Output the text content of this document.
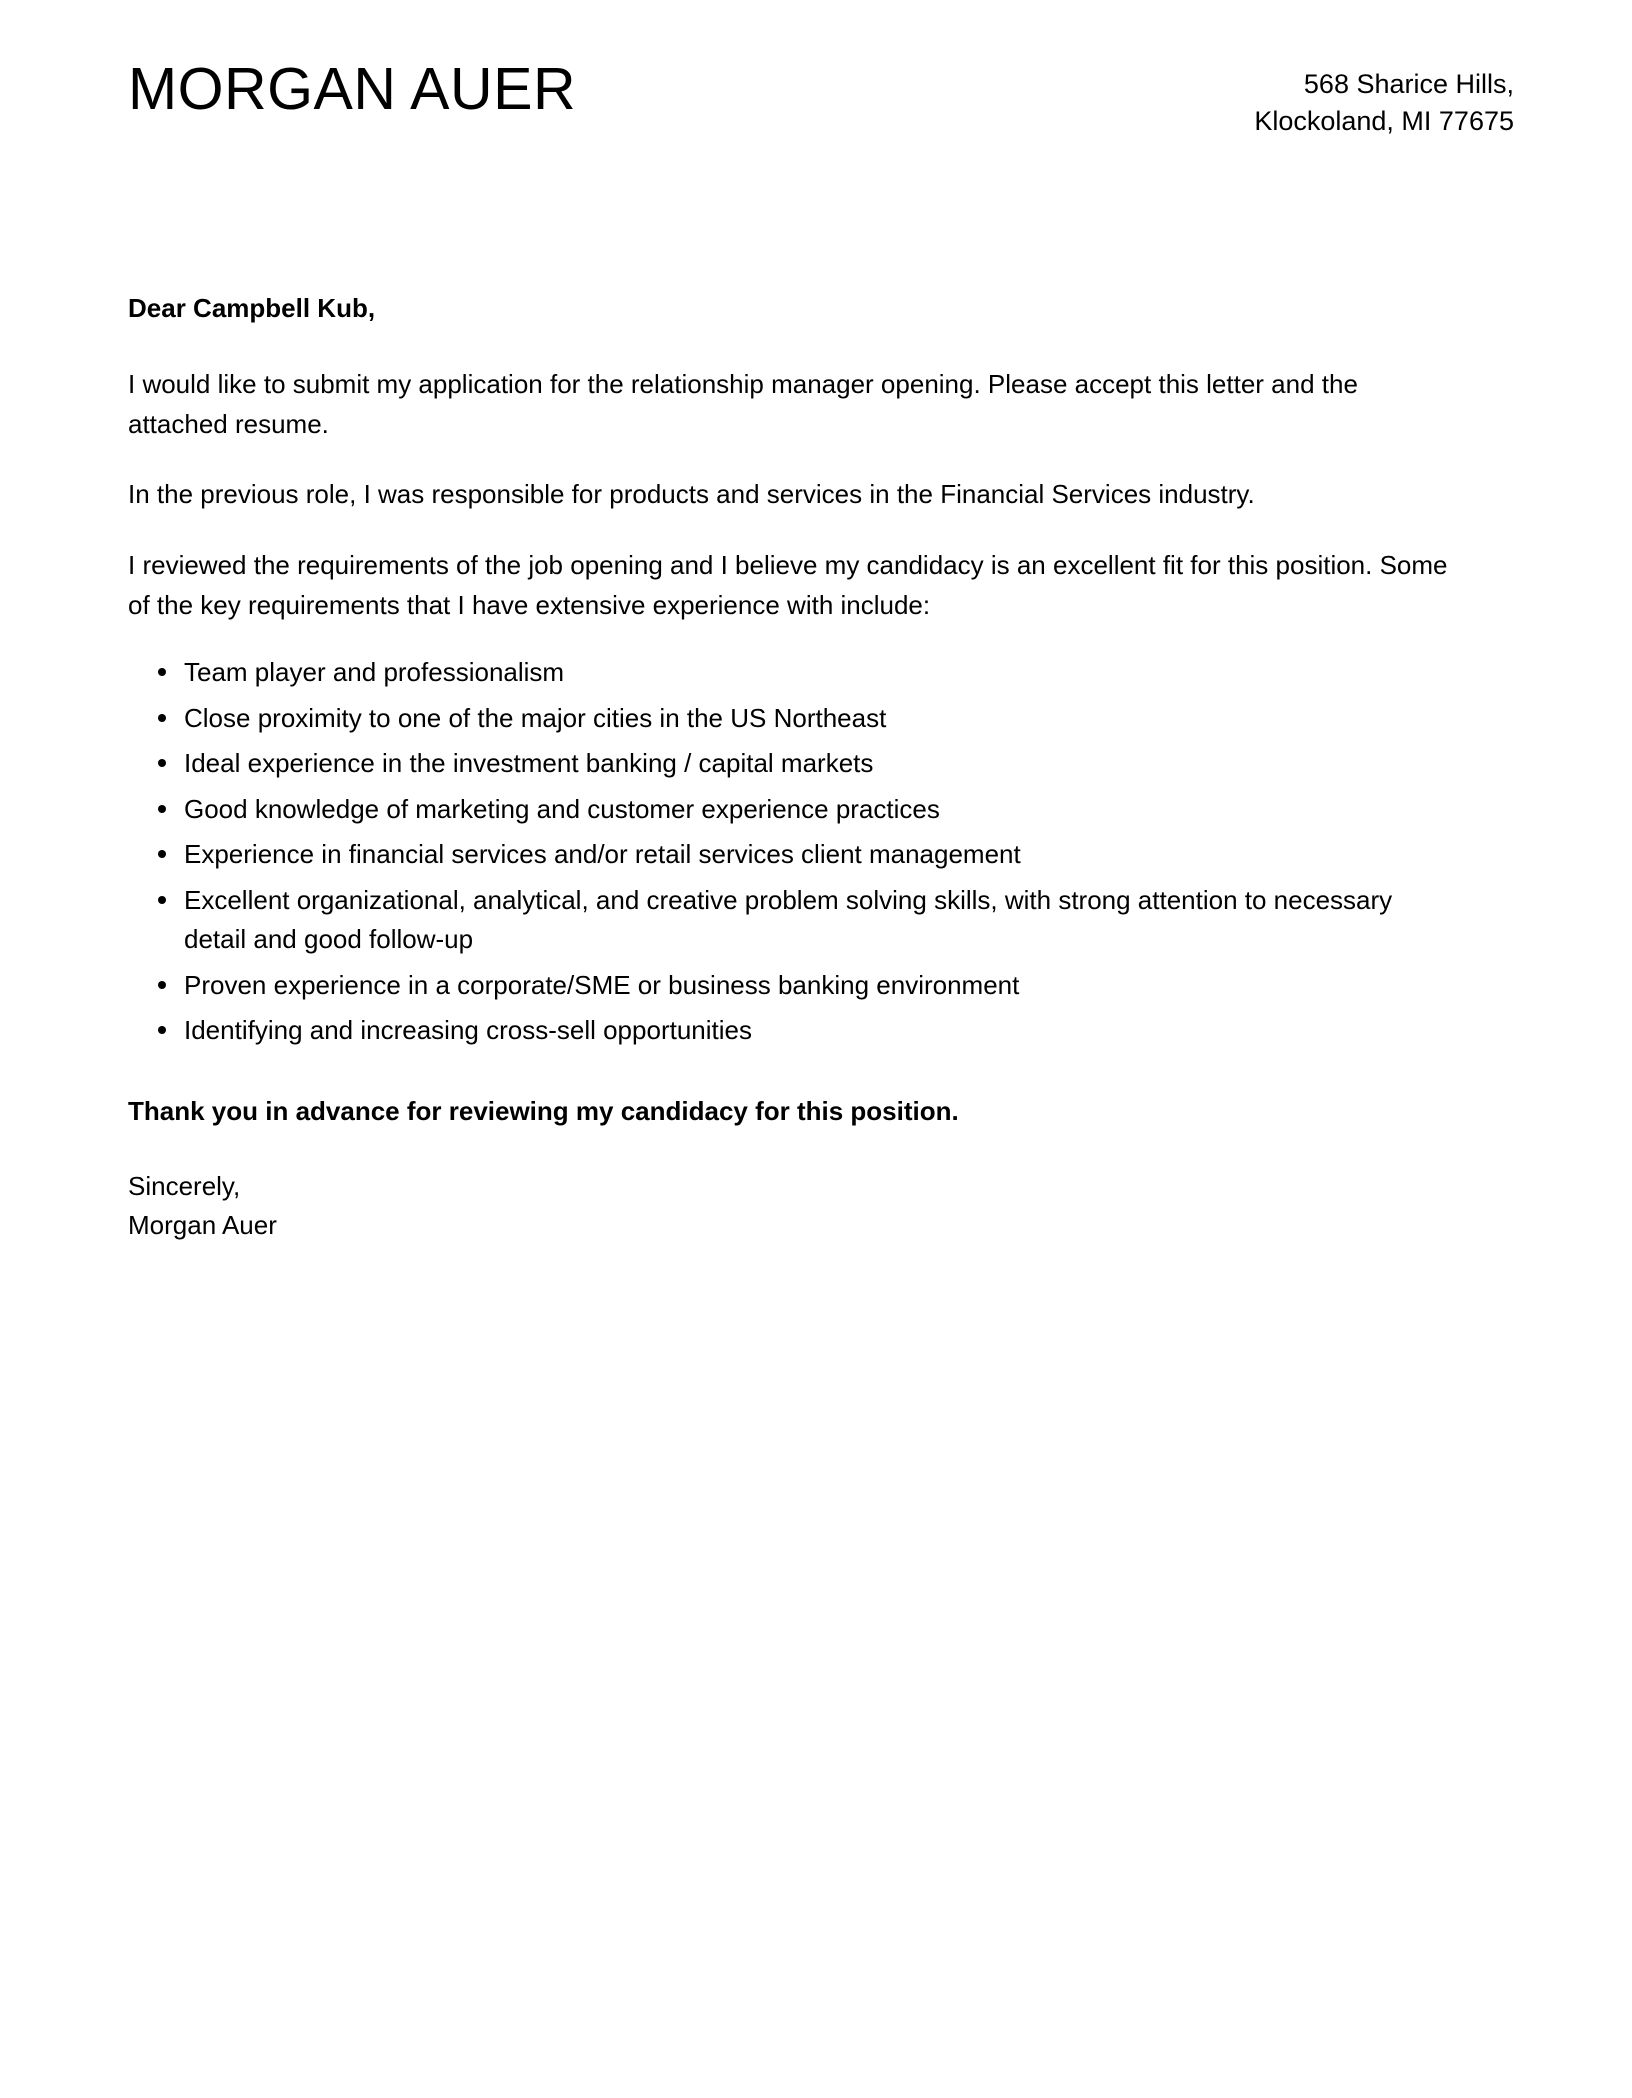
MORGAN AUER	568 Sharice Hills,
Klockoland, MI 77675

Dear Campbell Kub,

I would like to submit my application for the relationship manager opening. Please accept this letter and the attached resume.

In the previous role, I was responsible for products and services in the Financial Services industry.

I reviewed the requirements of the job opening and I believe my candidacy is an excellent fit for this position. Some of the key requirements that I have extensive experience with include:

Team player and professionalism
Close proximity to one of the major cities in the US Northeast
Ideal experience in the investment banking / capital markets
Good knowledge of marketing and customer experience practices
Experience in financial services and/or retail services client management
Excellent organizational, analytical, and creative problem solving skills, with strong attention to necessary detail and good follow-up
Proven experience in a corporate/SME or business banking environment
Identifying and increasing cross-sell opportunities

Thank you in advance for reviewing my candidacy for this position.

Sincerely,
Morgan Auer
